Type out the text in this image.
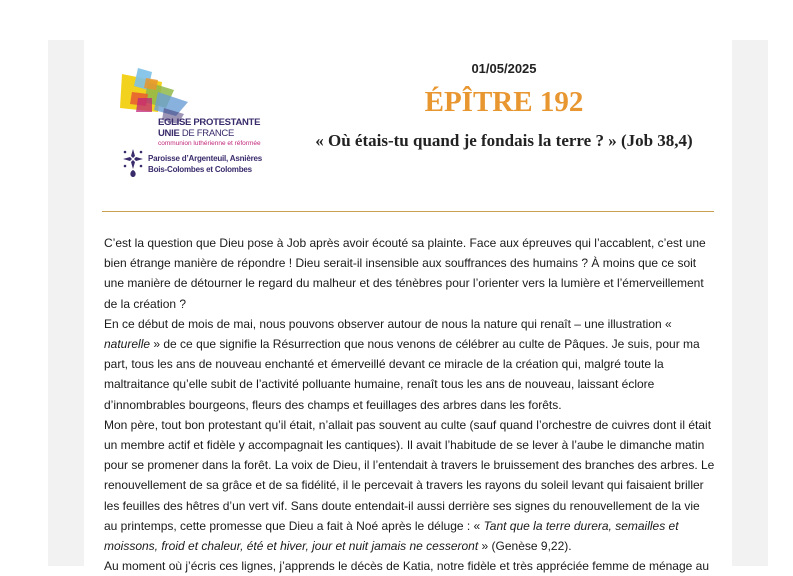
EGLISE PROTESTANTE
UNIE DE FRANCE
communion luthérienne et réformée
Paroisse d’Argenteuil, Asnières
Bois-Colombes et Colombes
01/05/2025
ÉPÎTRE 192
« Où étais-tu quand je fondais la terre ? » (Job 38,4)

C’est la question que Dieu pose à Job après avoir écouté sa plainte. Face aux épreuves qui l’accablent, c’est une bien étrange manière de répondre ! Dieu serait-il insensible aux souffrances des humains ? À moins que ce soit une manière de détourner le regard du malheur et des ténèbres pour l’orienter vers la lumière et l’émerveillement de la création ?

En ce début de mois de mai, nous pouvons observer autour de nous la nature qui renaît – une illustration « naturelle » de ce que signifie la Résurrection que nous venons de célébrer au culte de Pâques. Je suis, pour ma part, tous les ans de nouveau enchanté et émerveillé devant ce miracle de la création qui, malgré toute la maltraitance qu’elle subit de l’activité polluante humaine, renaît tous les ans de nouveau, laissant éclore d’innombrables bourgeons, fleurs des champs et feuillages des arbres dans les forêts.

Mon père, tout bon protestant qu’il était, n’allait pas souvent au culte (sauf quand l’orchestre de cuivres dont il était un membre actif et fidèle y accompagnait les cantiques). Il avait l’habitude de se lever à l’aube le dimanche matin pour se promener dans la forêt. La voix de Dieu, il l’entendait à travers le bruissement des branches des arbres. Le renouvellement de sa grâce et de sa fidélité, il le percevait à travers les rayons du soleil levant qui faisaient briller les feuilles des hêtres d’un vert vif. Sans doute entendait-il aussi derrière ses signes du renouvellement de la vie au printemps, cette promesse que Dieu a fait à Noé après le déluge : « Tant que la terre durera, semailles et moissons, froid et chaleur, été et hiver, jour et nuit jamais ne cesseront » (Genèse 9,22).

Au moment où j’écris ces lignes, j’apprends le décès de Katia, notre fidèle et très appréciée femme de ménage au
